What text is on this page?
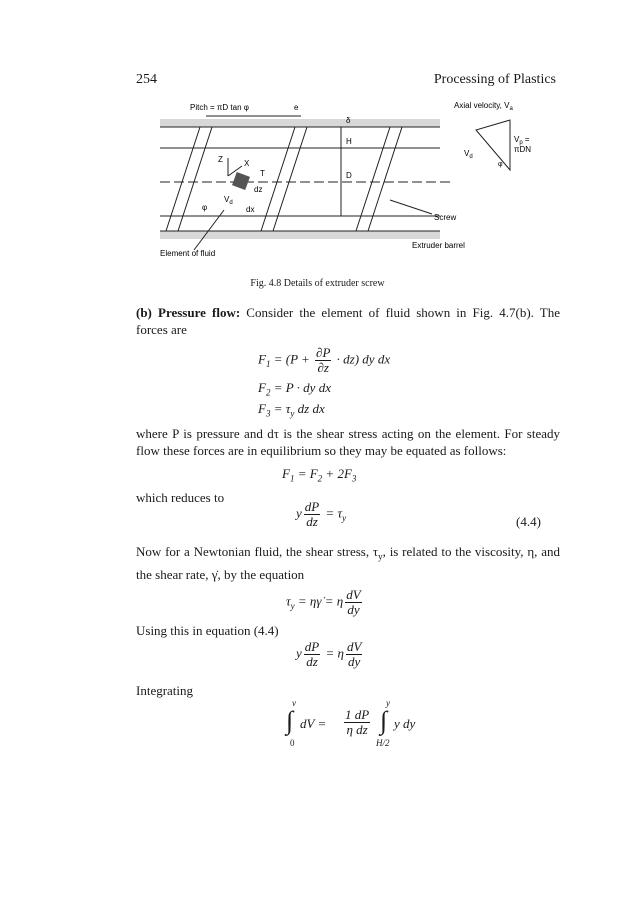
254	Processing of Plastics
Pitch = πD tan φ	e
δ
H
D
Z	X
T
dz
dx
$V_d$
φ
Screw
Extruder barrel
Element of fluid
Axial velocity, $V_a$
$V_p$ =
πDN
$V_d$
φ
Fig. 4.8 Details of extruder screw
(b) Pressure flow: Consider the element of fluid shown in Fig. 4.7(b). The forces are
$F_1 = (P + \frac{\partial P}{\partial z} \cdot dz)$ dy dx
$F_2 = P$ · dy dx
$F_3 = \tau_y$ dz dx
where P is pressure and dτ is the shear stress acting on the element. For steady flow these forces are in equilibrium so they may be equated as follows:
$F_1 = F_2 + 2F_3$
which reduces to
y $\frac{dP}{dz} = \tau_y$	(4.4)
Now for a Newtonian fluid, the shear stress, $\tau_y$, is related to the viscosity, η, and the shear rate, γ̇, by the equation
$\tau_y$ = ηγ̇ = η $\frac{dV}{dy}$
Using this in equation (4.4)
y $\frac{dP}{dz} = \eta \frac{dV}{dy}$
Integrating
v
∫
0
dV = $\frac{1 dP}{\text{η dz}}$
y
∫
H/2
y dy
